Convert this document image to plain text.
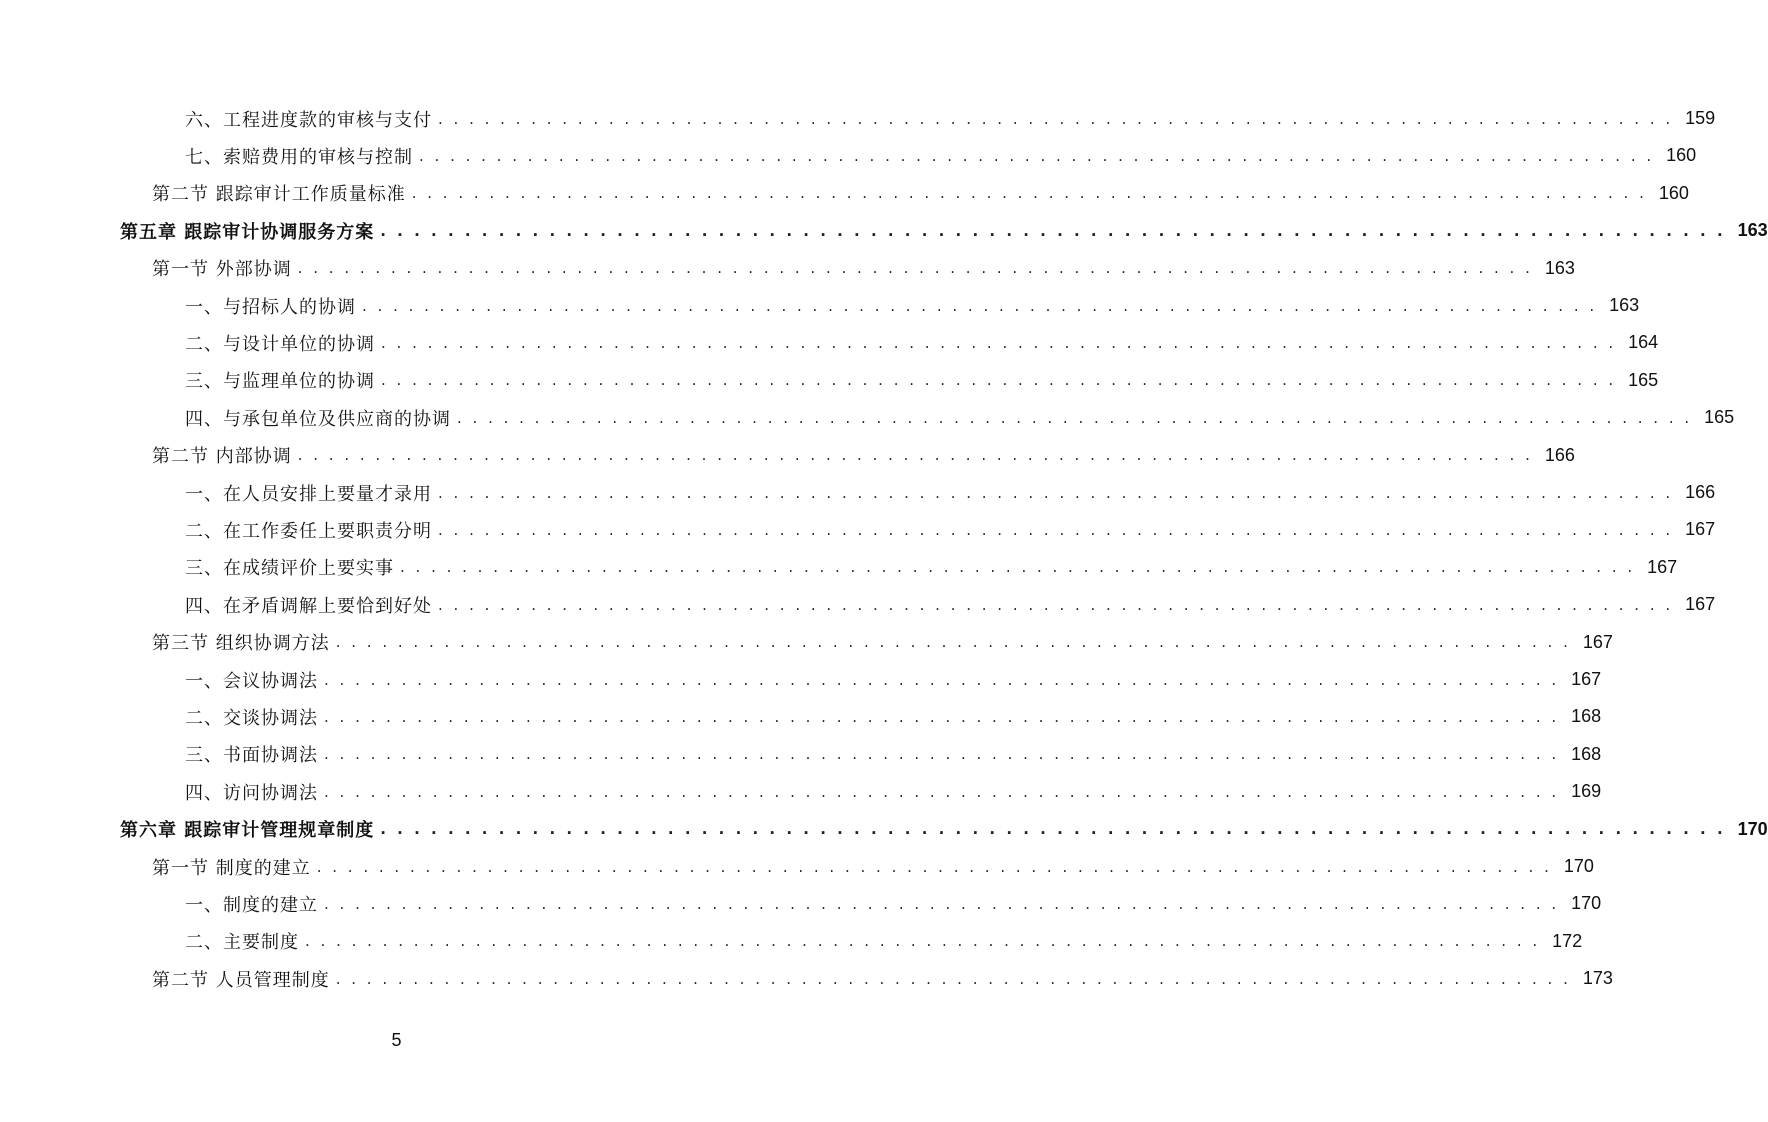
六、工程进度款的审核与支付 . . . . . . . . . . . . . . . . . . . . . . . . . . . . . . . . . . . . . . . . . . . . . . . . . . . . . . . . . . . . . . . . . . . . . . . . . . . . . . . . 159
七、索赔费用的审核与控制 . . . . . . . . . . . . . . . . . . . . . . . . . . . . . . . . . . . . . . . . . . . . . . . . . . . . . . . . . . . . . . . . . . . . . . . . . . . . . . . . 160
第二节 跟踪审计工作质量标准 . . . . . . . . . . . . . . . . . . . . . . . . . . . . . . . . . . . . . . . . . . . . . . . . . . . . . . . . . . . . . . . . . . . . . . . . . . . . . . . . 160
第五章 跟踪审计协调服务方案 . . . . . . . . . . . . . . . . . . . . . . . . . . . . . . . . . . . . . . . . . . . . . . . . . . . . . . . . . . . . . . . . . . . . . . . . . . . . . . . . 163
第一节 外部协调 . . . . . . . . . . . . . . . . . . . . . . . . . . . . . . . . . . . . . . . . . . . . . . . . . . . . . . . . . . . . . . . . . . . . . . . . . . . . . . . . 163
一、与招标人的协调 . . . . . . . . . . . . . . . . . . . . . . . . . . . . . . . . . . . . . . . . . . . . . . . . . . . . . . . . . . . . . . . . . . . . . . . . . . . . . . . . 163
二、与设计单位的协调 . . . . . . . . . . . . . . . . . . . . . . . . . . . . . . . . . . . . . . . . . . . . . . . . . . . . . . . . . . . . . . . . . . . . . . . . . . . . . . . . 164
三、与监理单位的协调 . . . . . . . . . . . . . . . . . . . . . . . . . . . . . . . . . . . . . . . . . . . . . . . . . . . . . . . . . . . . . . . . . . . . . . . . . . . . . . . . 165
四、与承包单位及供应商的协调 . . . . . . . . . . . . . . . . . . . . . . . . . . . . . . . . . . . . . . . . . . . . . . . . . . . . . . . . . . . . . . . . . . . . . . . . . . . . . . . . 165
第二节 内部协调 . . . . . . . . . . . . . . . . . . . . . . . . . . . . . . . . . . . . . . . . . . . . . . . . . . . . . . . . . . . . . . . . . . . . . . . . . . . . . . . . 166
一、在人员安排上要量才录用 . . . . . . . . . . . . . . . . . . . . . . . . . . . . . . . . . . . . . . . . . . . . . . . . . . . . . . . . . . . . . . . . . . . . . . . . . . . . . . . . 166
二、在工作委任上要职责分明 . . . . . . . . . . . . . . . . . . . . . . . . . . . . . . . . . . . . . . . . . . . . . . . . . . . . . . . . . . . . . . . . . . . . . . . . . . . . . . . . 167
三、在成绩评价上要实事 . . . . . . . . . . . . . . . . . . . . . . . . . . . . . . . . . . . . . . . . . . . . . . . . . . . . . . . . . . . . . . . . . . . . . . . . . . . . . . . . 167
四、在矛盾调解上要恰到好处 . . . . . . . . . . . . . . . . . . . . . . . . . . . . . . . . . . . . . . . . . . . . . . . . . . . . . . . . . . . . . . . . . . . . . . . . . . . . . . . . 167
第三节 组织协调方法 . . . . . . . . . . . . . . . . . . . . . . . . . . . . . . . . . . . . . . . . . . . . . . . . . . . . . . . . . . . . . . . . . . . . . . . . . . . . . . . . 167
一、会议协调法 . . . . . . . . . . . . . . . . . . . . . . . . . . . . . . . . . . . . . . . . . . . . . . . . . . . . . . . . . . . . . . . . . . . . . . . . . . . . . . . . 167
二、交谈协调法 . . . . . . . . . . . . . . . . . . . . . . . . . . . . . . . . . . . . . . . . . . . . . . . . . . . . . . . . . . . . . . . . . . . . . . . . . . . . . . . . 168
三、书面协调法 . . . . . . . . . . . . . . . . . . . . . . . . . . . . . . . . . . . . . . . . . . . . . . . . . . . . . . . . . . . . . . . . . . . . . . . . . . . . . . . . 168
四、访问协调法 . . . . . . . . . . . . . . . . . . . . . . . . . . . . . . . . . . . . . . . . . . . . . . . . . . . . . . . . . . . . . . . . . . . . . . . . . . . . . . . . 169
第六章 跟踪审计管理规章制度 . . . . . . . . . . . . . . . . . . . . . . . . . . . . . . . . . . . . . . . . . . . . . . . . . . . . . . . . . . . . . . . . . . . . . . . . . . . . . . . . 170
第一节 制度的建立 . . . . . . . . . . . . . . . . . . . . . . . . . . . . . . . . . . . . . . . . . . . . . . . . . . . . . . . . . . . . . . . . . . . . . . . . . . . . . . . . 170
一、制度的建立 . . . . . . . . . . . . . . . . . . . . . . . . . . . . . . . . . . . . . . . . . . . . . . . . . . . . . . . . . . . . . . . . . . . . . . . . . . . . . . . . 170
二、主要制度 . . . . . . . . . . . . . . . . . . . . . . . . . . . . . . . . . . . . . . . . . . . . . . . . . . . . . . . . . . . . . . . . . . . . . . . . . . . . . . . . 172
第二节 人员管理制度 . . . . . . . . . . . . . . . . . . . . . . . . . . . . . . . . . . . . . . . . . . . . . . . . . . . . . . . . . . . . . . . . . . . . . . . . . . . . . . . . 173
5
